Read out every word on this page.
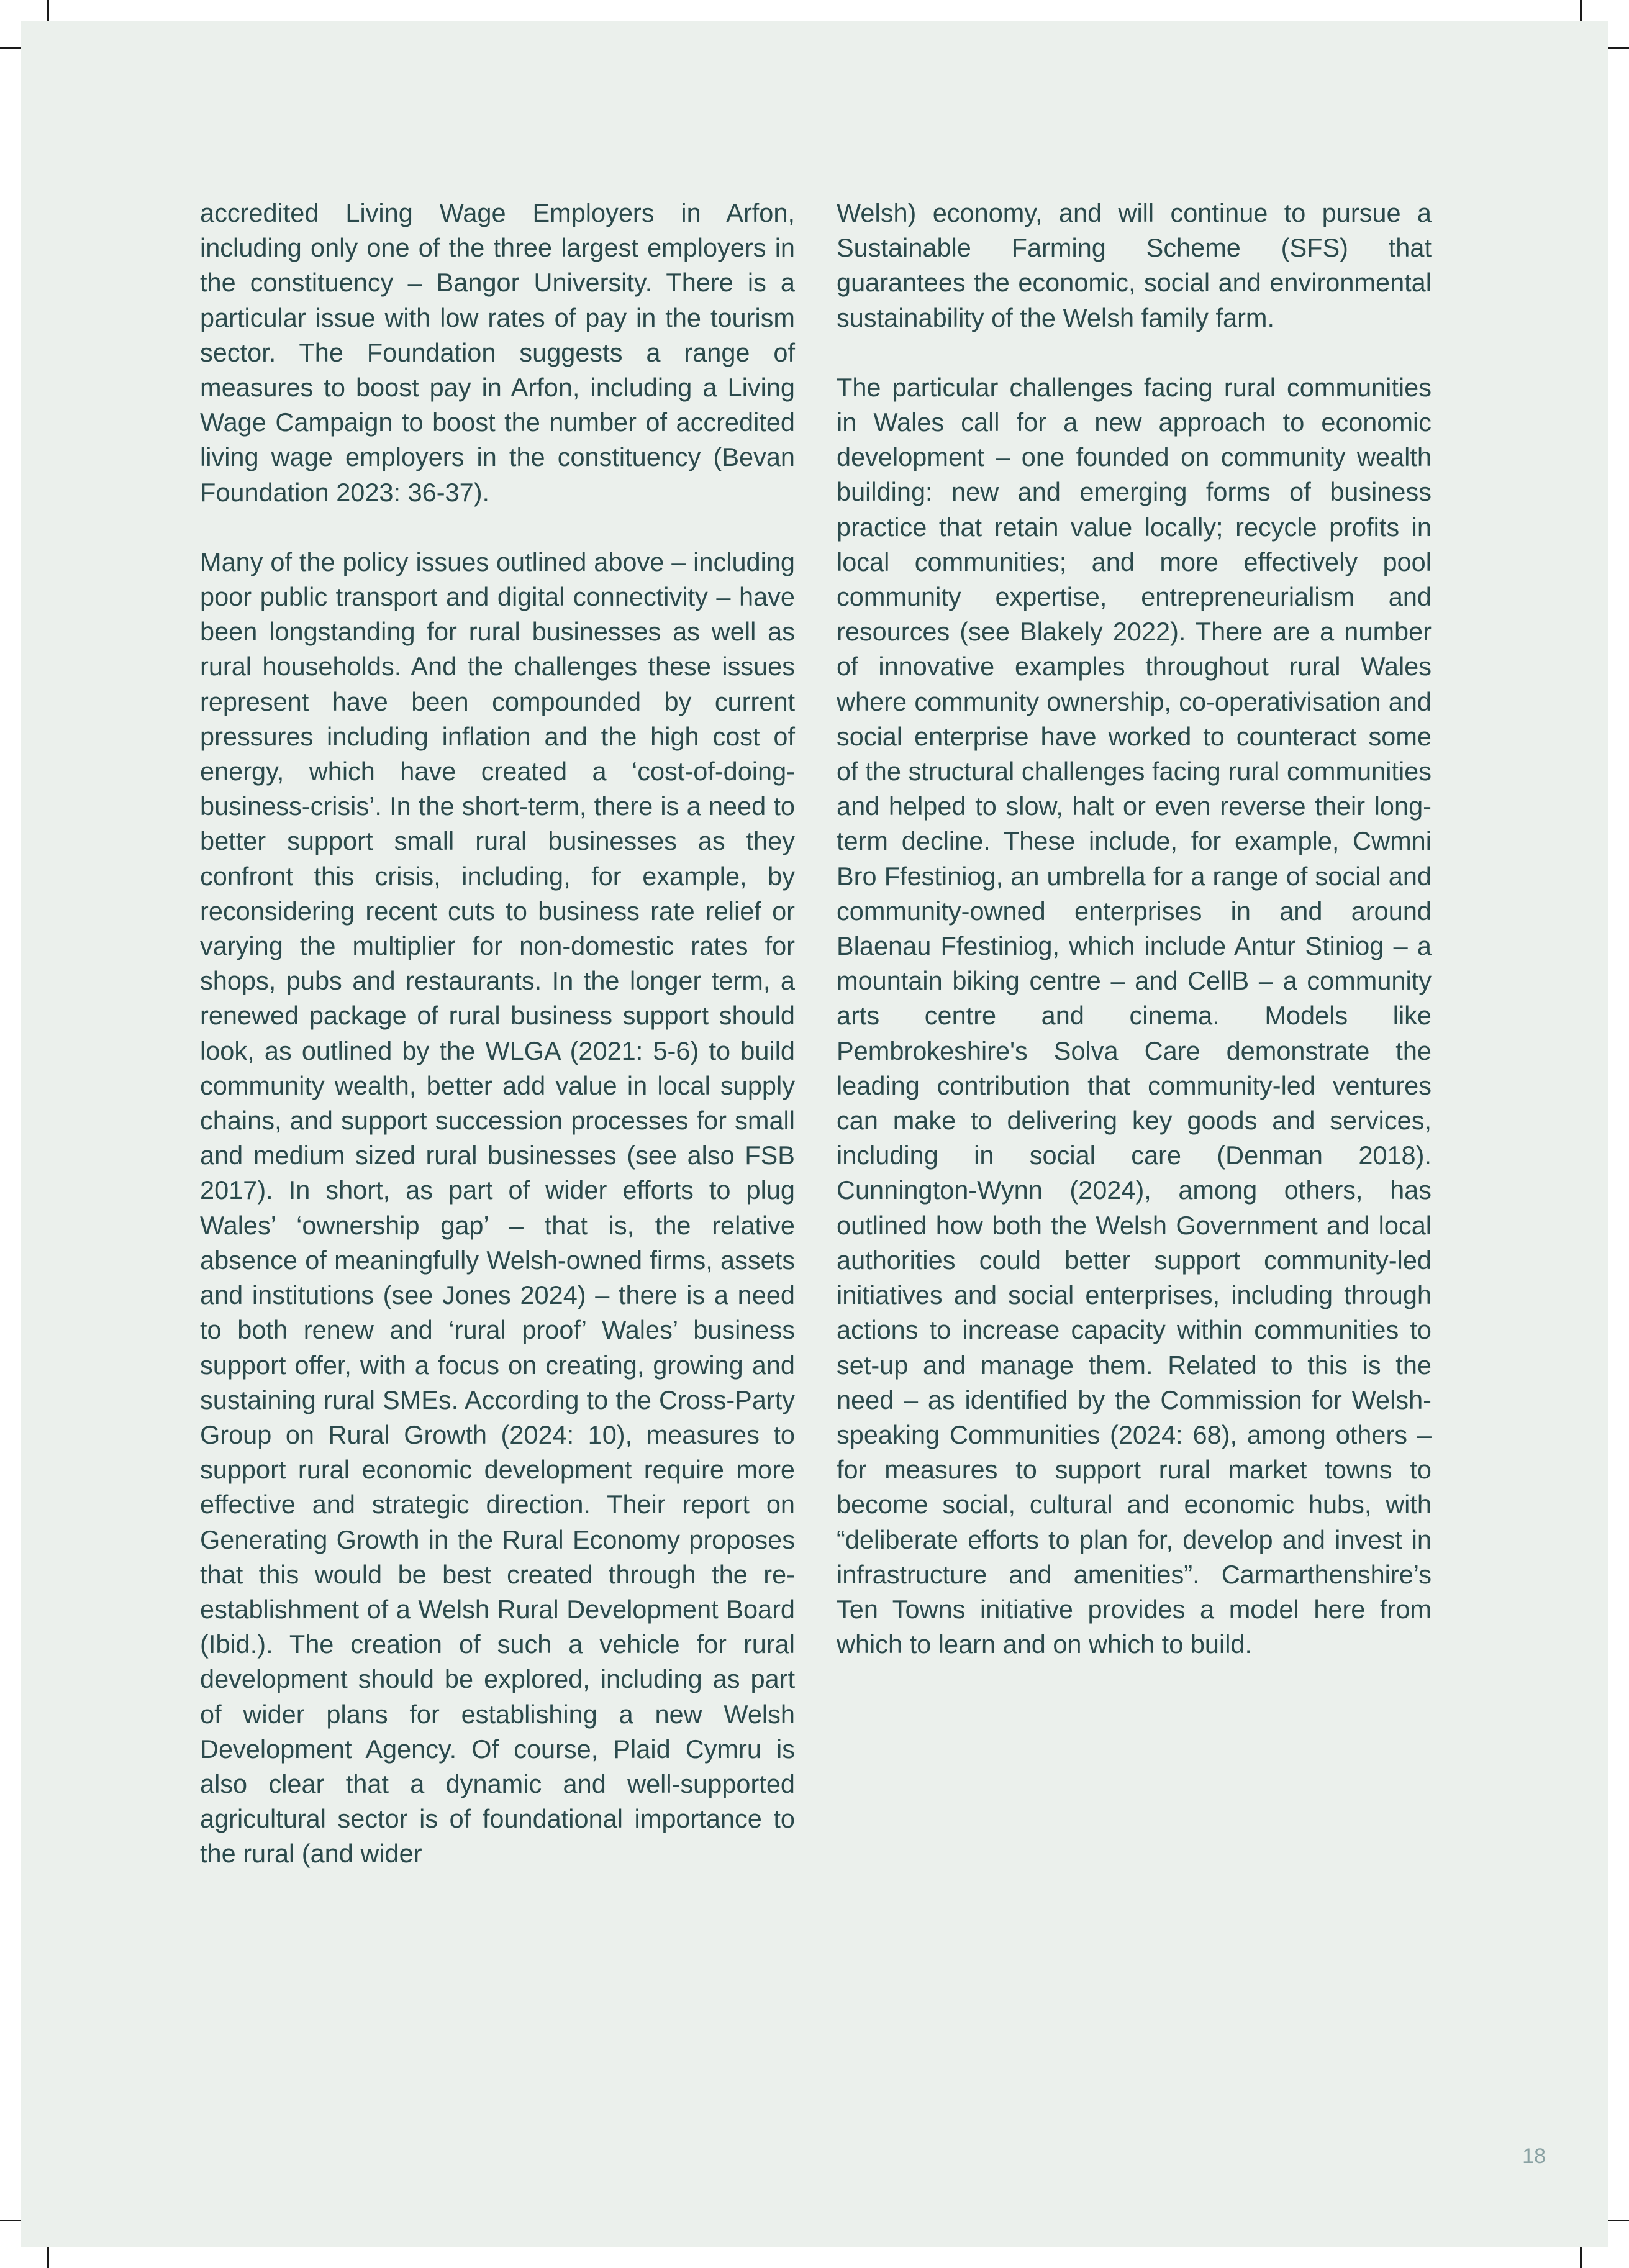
accredited Living Wage Employers in Arfon, including only one of the three largest employers in the constituency – Bangor University. There is a particular issue with low rates of pay in the tourism sector. The Foundation suggests a range of measures to boost pay in Arfon, including a Living Wage Campaign to boost the number of accredited living wage employers in the constituency (Bevan Foundation 2023: 36-37).

Many of the policy issues outlined above – including poor public transport and digital connectivity – have been longstanding for rural businesses as well as rural households. And the challenges these issues represent have been compounded by current pressures including inflation and the high cost of energy, which have created a ‘cost-of-doing-business-crisis’. In the short-term, there is a need to better support small rural businesses as they confront this crisis, including, for example, by reconsidering recent cuts to business rate relief or varying the multiplier for non-domestic rates for shops, pubs and restaurants. In the longer term, a renewed package of rural business support should look, as outlined by the WLGA (2021: 5-6) to build community wealth, better add value in local supply chains, and support succession processes for small and medium sized rural businesses (see also FSB 2017). In short, as part of wider efforts to plug Wales’ ‘ownership gap’ – that is, the relative absence of meaningfully Welsh-owned firms, assets and institutions (see Jones 2024) – there is a need to both renew and ‘rural proof’ Wales’ business support offer, with a focus on creating, growing and sustaining rural SMEs. According to the Cross-Party Group on Rural Growth (2024: 10), measures to support rural economic development require more effective and strategic direction. Their report on Generating Growth in the Rural Economy proposes that this would be best created through the re-establishment of a Welsh Rural Development Board (Ibid.). The creation of such a vehicle for rural development should be explored, including as part of wider plans for establishing a new Welsh Development Agency. Of course, Plaid Cymru is also clear that a dynamic and well-supported agricultural sector is of foundational importance to the rural (and wider

Welsh) economy, and will continue to pursue a Sustainable Farming Scheme (SFS) that guarantees the economic, social and environmental sustainability of the Welsh family farm.

The particular challenges facing rural communities in Wales call for a new approach to economic development – one founded on community wealth building: new and emerging forms of business practice that retain value locally; recycle profits in local communities; and more effectively pool community expertise, entrepreneurialism and resources (see Blakely 2022). There are a number of innovative examples throughout rural Wales where community ownership, co-operativisation and social enterprise have worked to counteract some of the structural challenges facing rural communities and helped to slow, halt or even reverse their long-term decline. These include, for example, Cwmni Bro Ffestiniog, an umbrella for a range of social and community-owned enterprises in and around Blaenau Ffestiniog, which include Antur Stiniog – a mountain biking centre – and CellB – a community arts centre and cinema. Models like Pembrokeshire's Solva Care demonstrate the leading contribution that community-led ventures can make to delivering key goods and services, including in social care (Denman 2018). Cunnington-Wynn (2024), among others, has outlined how both the Welsh Government and local authorities could better support community-led initiatives and social enterprises, including through actions to increase capacity within communities to set-up and manage them. Related to this is the need – as identified by the Commission for Welsh-speaking Communities (2024: 68), among others – for measures to support rural market towns to become social, cultural and economic hubs, with “deliberate efforts to plan for, develop and invest in infrastructure and amenities”. Carmarthenshire’s Ten Towns initiative provides a model here from which to learn and on which to build.

18
